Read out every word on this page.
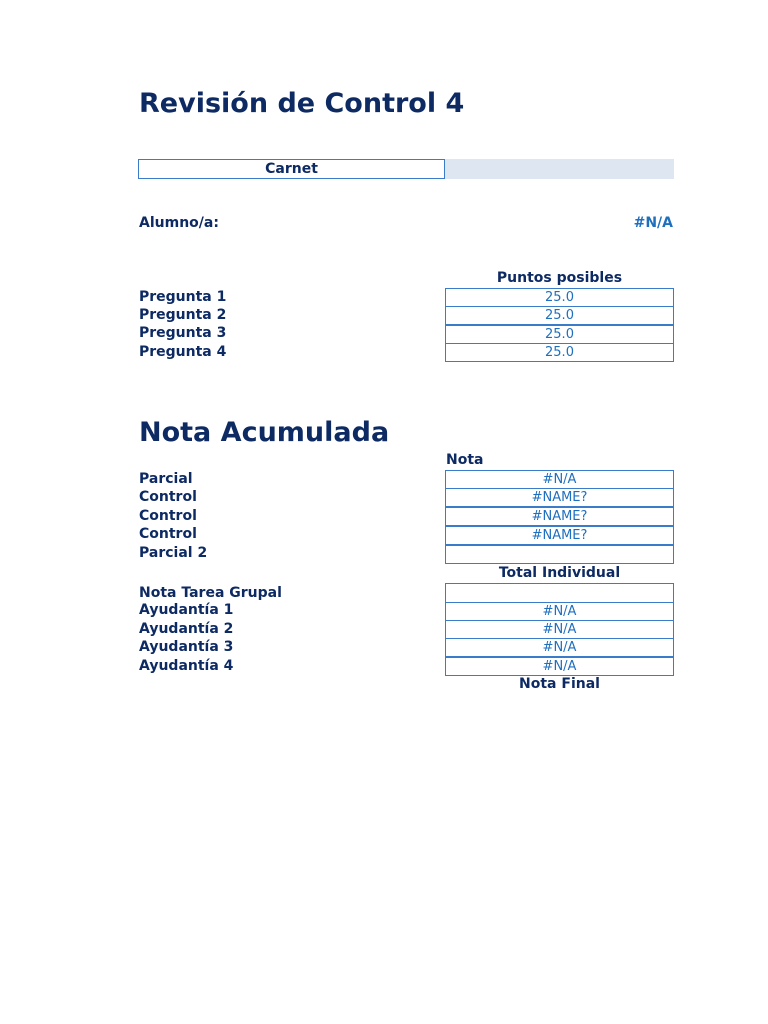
Revisión de Control 4
Carnet
Alumno/a:	#N/A
Puntos posibles
Pregunta 1	25.0
Pregunta 2	25.0
Pregunta 3	25.0
Pregunta 4	25.0
Nota Acumulada
Nota
Parcial	#N/A
Control	#NAME?
Control	#NAME?
Control	#NAME?
Parcial 2
Total Individual
Nota Tarea Grupal
Ayudantía 1	#N/A
Ayudantía 2	#N/A
Ayudantía 3	#N/A
Ayudantía 4	#N/A
Nota Final
